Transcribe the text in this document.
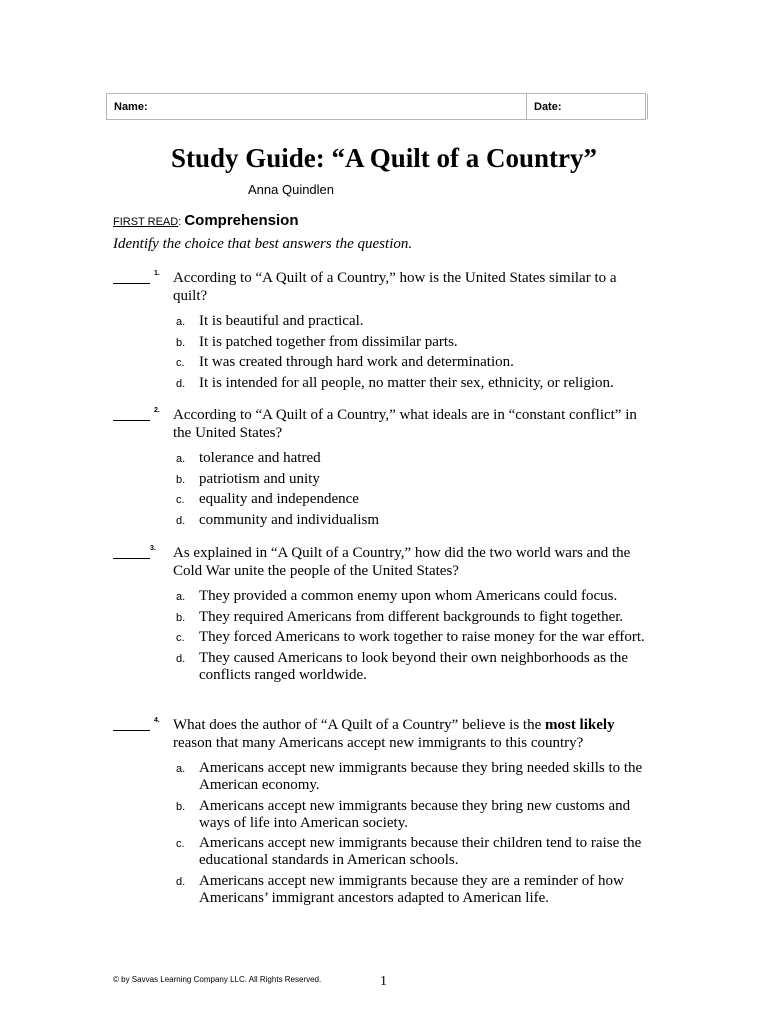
Name:	Date:
Study Guide: “A Quilt of a Country”
Anna Quindlen
FIRST READ: Comprehension
Identify the choice that best answers the question.
1. According to “A Quilt of a Country,” how is the United States similar to a quilt?
a. It is beautiful and practical.
b. It is patched together from dissimilar parts.
c. It was created through hard work and determination.
d. It is intended for all people, no matter their sex, ethnicity, or religion.
2. According to “A Quilt of a Country,” what ideals are in “constant conflict” in the United States?
a. tolerance and hatred
b. patriotism and unity
c. equality and independence
d. community and individualism
3. As explained in “A Quilt of a Country,” how did the two world wars and the Cold War unite the people of the United States?
a. They provided a common enemy upon whom Americans could focus.
b. They required Americans from different backgrounds to fight together.
c. They forced Americans to work together to raise money for the war effort.
d. They caused Americans to look beyond their own neighborhoods as the conflicts ranged worldwide.
4. What does the author of “A Quilt of a Country” believe is the most likely reason that many Americans accept new immigrants to this country?
a. Americans accept new immigrants because they bring needed skills to the American economy.
b. Americans accept new immigrants because they bring new customs and ways of life into American society.
c. Americans accept new immigrants because their children tend to raise the educational standards in American schools.
d. Americans accept new immigrants because they are a reminder of how Americans’ immigrant ancestors adapted to American life.
© by Savvas Learning Company LLC. All Rights Reserved.	1
